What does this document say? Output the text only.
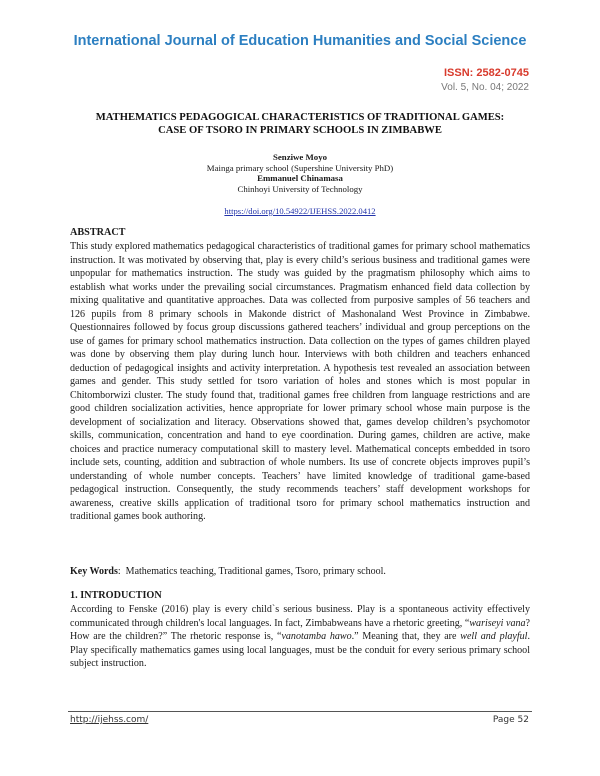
International Journal of Education Humanities and Social Science
ISSN: 2582-0745
Vol. 5, No. 04; 2022
MATHEMATICS PEDAGOGICAL CHARACTERISTICS OF TRADITIONAL GAMES:
CASE OF TSORO IN PRIMARY SCHOOLS IN ZIMBABWE
Senziwe Moyo
Mainga primary school (Supershine University PhD)
Emmanuel Chinamasa
Chinhoyi University of Technology
https://doi.org/10.54922/IJEHSS.2022.0412
ABSTRACT

This study explored mathematics pedagogical characteristics of traditional games for primary school mathematics instruction. It was motivated by observing that, play is every child’s serious business and traditional games were unpopular for mathematics instruction. The study was guided by the pragmatism philosophy which aims to establish what works under the prevailing social circumstances. Pragmatism enhanced field data collection by mixing qualitative and quantitative approaches. Data was collected from purposive samples of 56 teachers and 126 pupils from 8 primary schools in Makonde district of Mashonaland West Province in Zimbabwe. Questionnaires followed by focus group discussions gathered teachers’ individual and group perceptions on the use of games for primary school mathematics instruction. Data collection on the types of games children played was done by observing them play during lunch hour. Interviews with both children and teachers enhanced deduction of pedagogical insights and activity interpretation. A hypothesis test revealed an association between games and gender. This study settled for tsoro variation of holes and stones which is most popular in Chitomborwizi cluster. The study found that, traditional games free children from language restrictions and are good children socialization activities, hence appropriate for lower primary school whose main purpose is the development of socialization and literacy. Observations showed that, games develop children’s psychomotor skills, communication, concentration and hand to eye coordination. During games, children are active, make choices and practice numeracy computational skill to mastery level. Mathematical concepts embedded in tsoro include sets, counting, addition and subtraction of whole numbers. Its use of concrete objects improves pupil’s understanding of whole number concepts. Teachers’ have limited knowledge of traditional game-based pedagogical instruction. Consequently, the study recommends teachers’ staff development workshops for awareness, creative skills application of traditional tsoro for primary school mathematics instruction and traditional games book authoring.

Key Words:  Mathematics teaching, Traditional games, Tsoro, primary school.
1. INTRODUCTION

According to Fenske (2016) play is every child`s serious business. Play is a spontaneous activity effectively communicated through children's local languages. In fact, Zimbabweans have a rhetoric greeting, “wariseyi vana? How are the children?” The rhetoric response is, “vanotamba hawo.” Meaning that, they are well and playful. Play specifically mathematics games using local languages, must be the conduit for every serious primary school subject instruction.

http://ijehss.com/	Page 52
